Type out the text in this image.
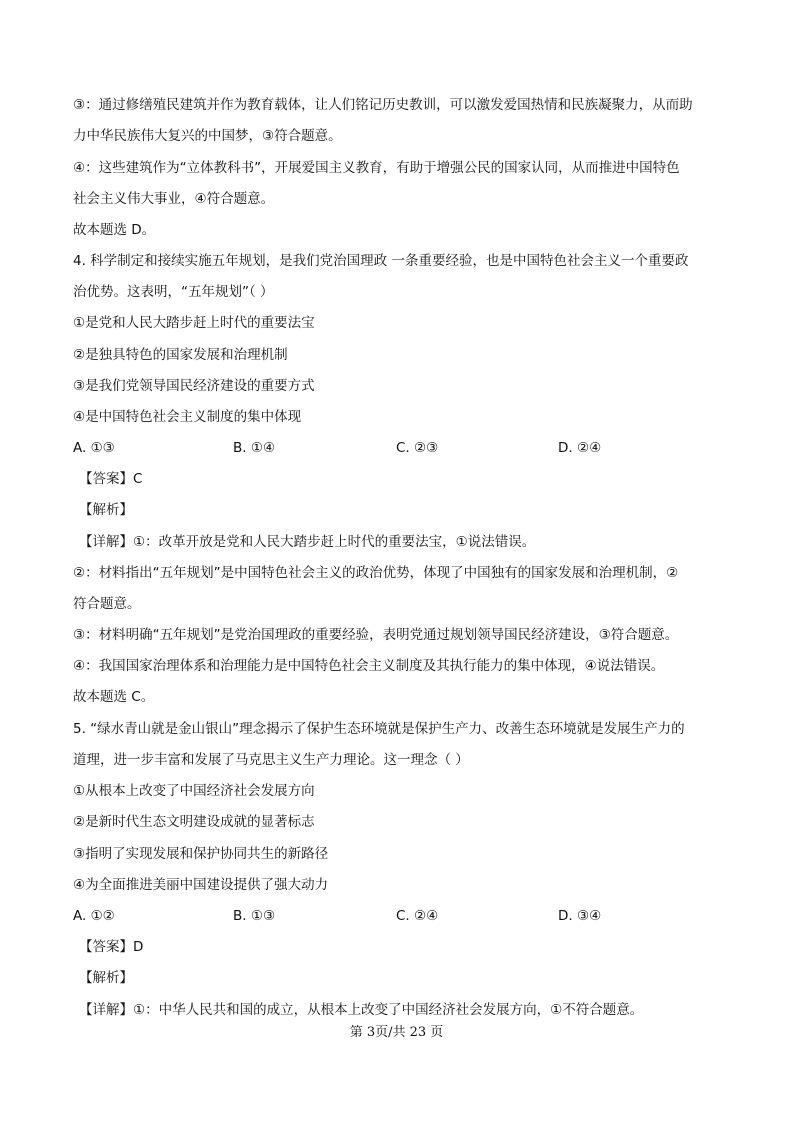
③：通过修缮殖民建筑并作为教育载体，让人们铭记历史教训，可以激发爱国热情和民族凝聚力，从而助
力中华民族伟大复兴的中国梦，③符合题意。
④：这些建筑作为“立体教科书”，开展爱国主义教育，有助于增强公民的国家认同，从而推进中国特色
社会主义伟大事业，④符合题意。
故本题选 D。
4. 科学制定和接续实施五年规划，是我们党治国理政 一条重要经验，也是中国特色社会主义一个重要政
治优势。这表明，“五年规划”（ ）
①是党和人民大踏步赶上时代的重要法宝
②是独具特色的国家发展和治理机制
③是我们党领导国民经济建设的重要方式
④是中国特色社会主义制度的集中体现
A. ①③	B. ①④	C. ②③	D. ②④
【答案】C
【解析】
【详解】①：改革开放是党和人民大踏步赶上时代的重要法宝，①说法错误。
②：材料指出“五年规划”是中国特色社会主义的政治优势，体现了中国独有的国家发展和治理机制，②
符合题意。
③：材料明确“五年规划”是党治国理政的重要经验，表明党通过规划领导国民经济建设，③符合题意。
④：我国国家治理体系和治理能力是中国特色社会主义制度及其执行能力的集中体现，④说法错误。
故本题选 C。
5. “绿水青山就是金山银山”理念揭示了保护生态环境就是保护生产力、改善生态环境就是发展生产力的
道理，进一步丰富和发展了马克思主义生产力理论。这一理念（ ）
①从根本上改变了中国经济社会发展方向
②是新时代生态文明建设成就的显著标志
③指明了实现发展和保护协同共生的新路径
④为全面推进美丽中国建设提供了强大动力
A. ①②	B. ①③	C. ②④	D. ③④
【答案】D
【解析】
【详解】①：中华人民共和国的成立，从根本上改变了中国经济社会发展方向，①不符合题意。
第 3页/共 23 页
